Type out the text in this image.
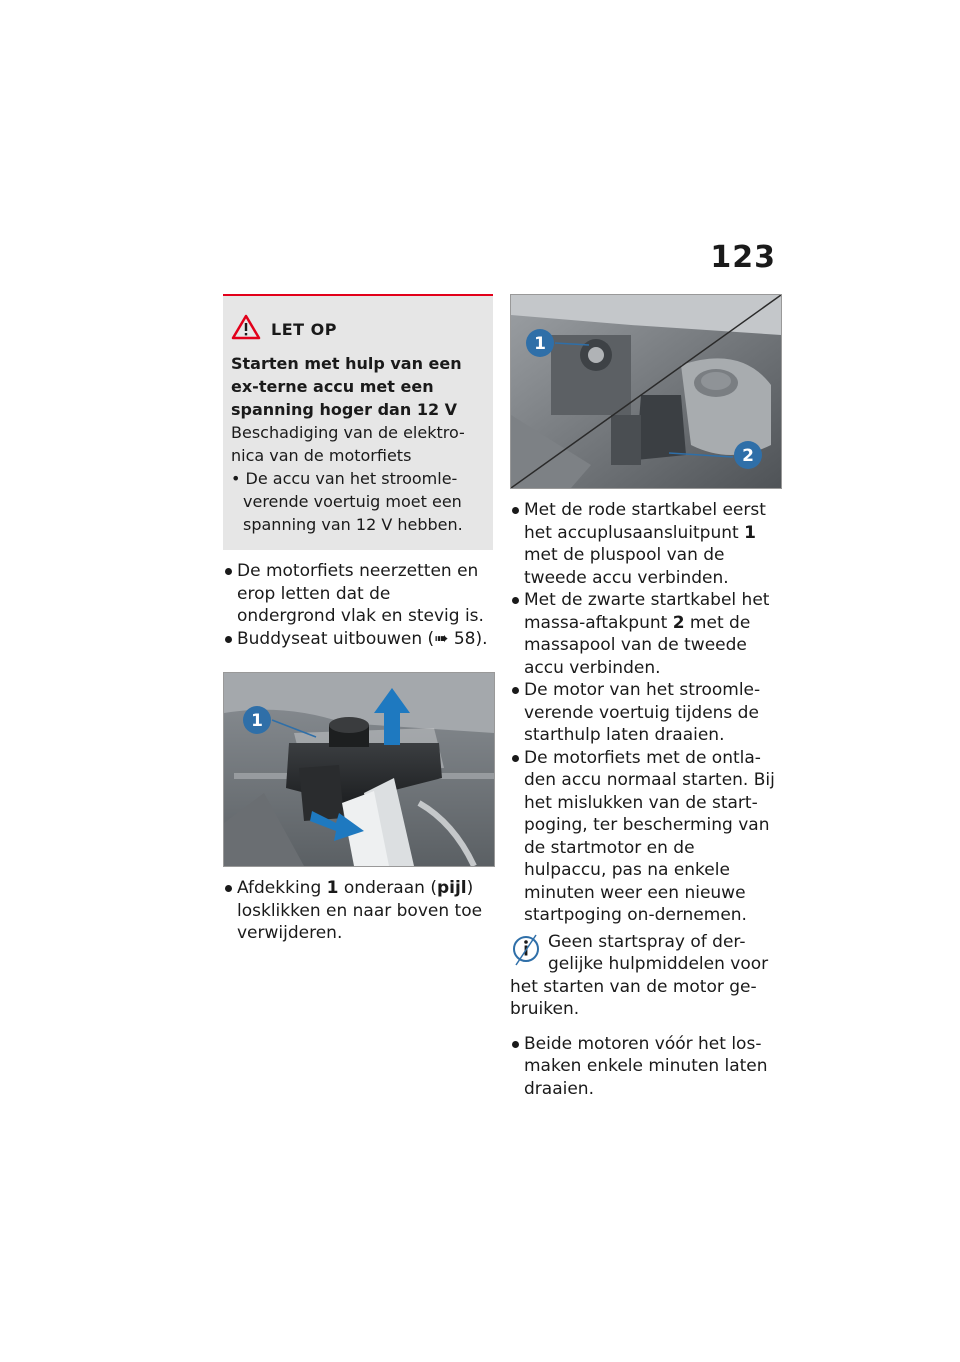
123
LET OP
Starten met hulp van een ex-terne accu met een spanning hoger dan 12 V
Beschadiging van de elektro-nica van de motorfiets
• De accu van het stroomle-verende voertuig moet een spanning van 12 V hebben.
De motorfiets neerzetten en erop letten dat de ondergrond vlak en stevig is.
Buddyseat uitbouwen (➠ 58).
1
Afdekking 1 onderaan (pijl) losklikken en naar boven toe verwijderen.
1
2
Met de rode startkabel eerst het accuplusaansluitpunt 1 met de pluspool van de tweede accu verbinden.
Met de zwarte startkabel het massa-aftakpunt 2 met de massapool van de tweede accu verbinden.
De motor van het stroomle-verende voertuig tijdens de starthulp laten draaien.
De motorfiets met de ontla-den accu normaal starten. Bij het mislukken van de start-poging, ter bescherming van de startmotor en de hulpaccu, pas na enkele minuten weer een nieuwe startpoging on-dernemen.
Geen startspray of der-
gelijke hulpmiddelen voor
het starten van de motor ge-bruiken.
Beide motoren vóór het los-maken enkele minuten laten draaien.
